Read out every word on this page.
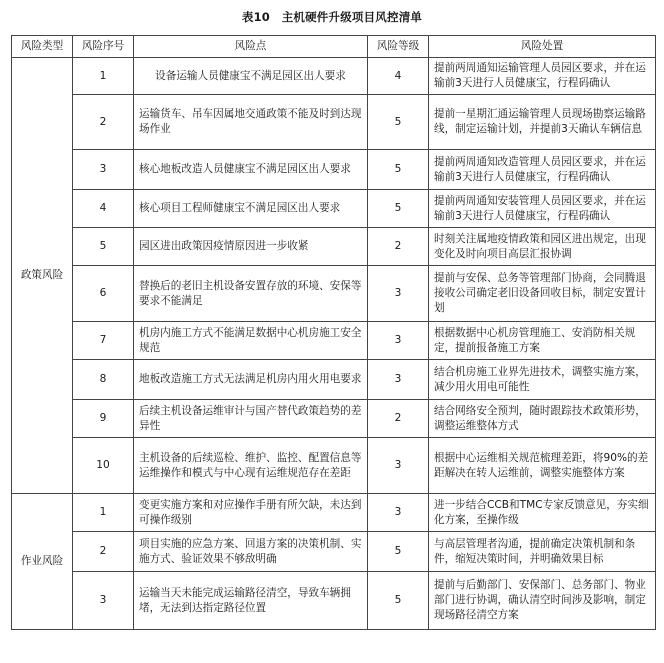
表10　主机硬件升级项目风控清单
风险类型	风险序号	风险点	风险等级	风险处置
政策风险	1	设备运输人员健康宝不满足园区出人要求	4	提前两周通知运输管理人员园区要求，并在运输前3天进行人员健康宝，行程码确认
	2	运输货车、吊车因属地交通政策不能及时到达现场作业	5	提前一星期汇通运输管理人员现场勘察运输路线，制定运输计划，并提前3天确认车辆信息
	3	核心地板改造人员健康宝不满足园区出人要求	5	提前两周通知改造管理人员园区要求，并在运输前3天进行人员健康宝，行程码确认
	4	核心项目工程师健康宝不满足园区出人要求	5	提前两周通知安装管理人员园区要求，并在运输前3天进行人员健康宝，行程码确认
	5	园区进出政策因疫情原因进一步收紧	2	时刻关注属地疫情政策和园区进出规定，出现变化及时向项目高层汇报协调
	6	替换后的老旧主机设备安置存放的环境、安保等要求不能满足	3	提前与安保、总务等管理部门协商，会同腾退接收公司确定老旧设备回收目标，制定安置计划
	7	机房内施工方式不能满足数据中心机房施工安全规范	3	根据数据中心机房管理施工、安消防相关规定，提前报备施工方案
	8	地板改造施工方式无法满足机房内用火用电要求	3	结合机房施工业界先进技术，调整实施方案，减少用火用电可能性
	9	后续主机设备运维审计与国产替代政策趋势的差异性	2	结合网络安全预判，随时跟踪技术政策形势，调整运维整体方式
	10	主机设备的后续巡检、维护、监控、配置信息等运维操作和模式与中心现有运维规范存在差距	3	根据中心运维相关规范梳理差距，将90%的差距解决在转人运维前，调整实施整体方案
作业风险	1	变更实施方案和对应操作手册有所欠缺，未达到可操作级别	3	进一步结合CCB和TMC专家反馈意见，夯实细化方案，至操作级
	2	项目实施的应急方案、回退方案的决策机制、实施方式、验证效果不够敌明确	5	与高层管理者沟通，提前确定决策机制和条件，缩短决策时间，并明确效果目标
	3	运输当天未能完成运输路径清空，导致车辆拥堵，无法到达指定路径位置	5	提前与后勤部门、安保部门、总务部门、物业部门进行协调，确认清空时间涉及影响，制定现场路径清空方案
